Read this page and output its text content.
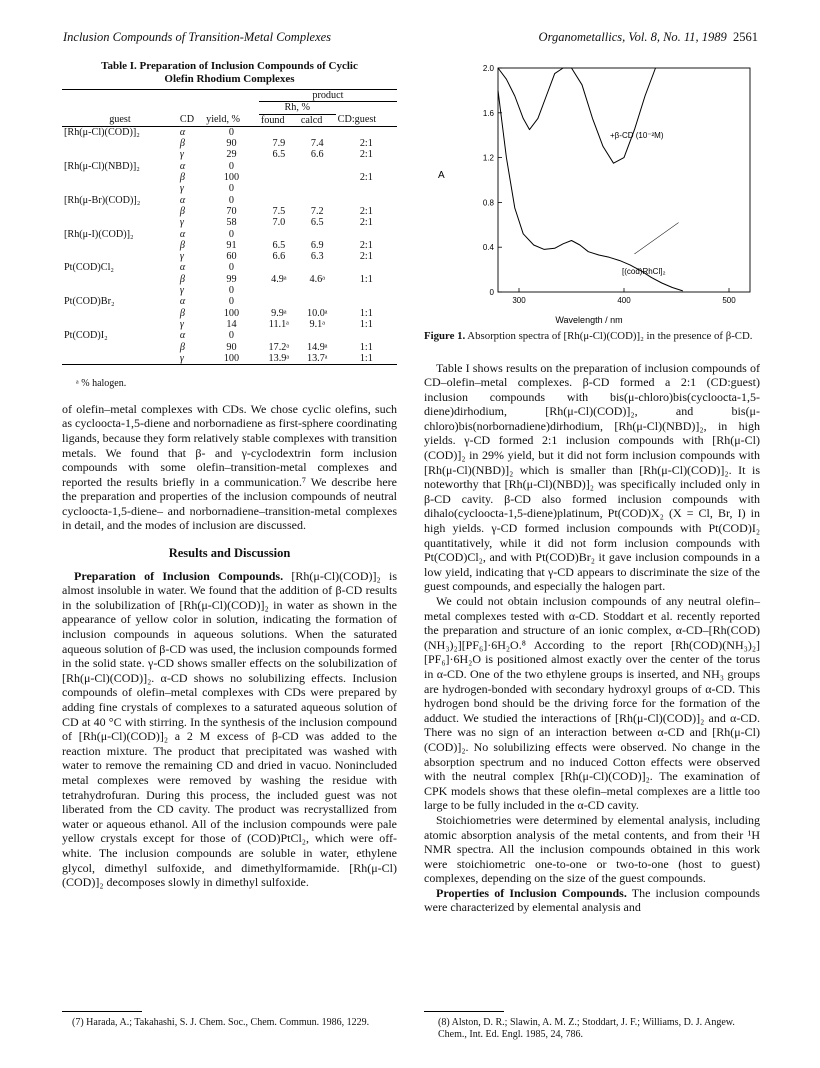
Inclusion Compounds of Transition-Metal Complexes	Organometallics, Vol. 8, No. 11, 1989 2561
Table I. Preparation of Inclusion Compounds of Cyclic
Olefin Rhodium Complexes
			product		
			Rh, %		
guest	CD	yield, %	found	calcd	CD:guest
[Rh(μ-Cl)(COD)]₂	α	0			
	β	90	7.9	7.4	2:1
	γ	29	6.5	6.6	2:1
[Rh(μ-Cl)(NBD)]₂	α	0			
	β	100			2:1
	γ	0			
[Rh(μ-Br)(COD)]₂	α	0			
	β	70	7.5	7.2	2:1
	γ	58	7.0	6.5	2:1
[Rh(μ-I)(COD)]₂	α	0			
	β	91	6.5	6.9	2:1
	γ	60	6.6	6.3	2:1
Pt(COD)Cl₂	α	0			
	β	99	4.9ᵃ	4.6ᵃ	1:1
	γ	0			
Pt(COD)Br₂	α	0			
	β	100	9.9ᵃ	10.0ᵃ	1:1
	γ	14	11.1ᵃ	9.1ᵃ	1:1
Pt(COD)I₂	α	0			
	β	90	17.2ᵃ	14.9ᵃ	1:1
	γ	100	13.9ᵃ	13.7ᵃ	1:1
ᵃ % halogen.

of olefin–metal complexes with CDs. We chose cyclic olefins, such as cycloocta-1,5-diene and norbornadiene as first-sphere coordinating ligands, because they form relatively stable complexes with transition metals. We found that β- and γ-cyclodextrin form inclusion compounds with some olefin–transition-metal complexes and reported the results briefly in a communication.⁷ We describe here the preparation and properties of the inclusion compounds of neutral cycloocta-1,5-diene– and norbornadiene–transition-metal complexes in detail, and the modes of inclusion are discussed.

Results and Discussion

Preparation of Inclusion Compounds. [Rh(μ-Cl)(COD)]₂ is almost insoluble in water. We found that the addition of β-CD results in the solubilization of [Rh(μ-Cl)(COD)]₂ in water as shown in the appearance of yellow color in solution, indicating the formation of inclusion compounds in aqueous solutions. When the saturated aqueous solution of β-CD was used, the inclusion compounds formed in the solid state. γ-CD shows smaller effects on the solubilization of [Rh(μ-Cl)(COD)]₂. α-CD shows no solubilizing effects. Inclusion compounds of olefin–metal complexes with CDs were prepared by adding fine crystals of complexes to a saturated aqueous solution of CD at 40 °C with stirring. In the synthesis of the inclusion compound of [Rh(μ-Cl)(COD)]₂ a 2 M excess of β-CD was added to the reaction mixture. The product that precipitated was washed with water to remove the remaining CD and dried in vacuo. Nonincluded metal complexes were removed by washing the residue with tetrahydrofuran. During this process, the included guest was not liberated from the CD cavity. The product was recrystallized from water or aqueous ethanol. All of the inclusion compounds were pale yellow crystals except for those of (COD)PtCl₂, which were off-white. The inclusion compounds are soluble in water, ethylene glycol, dimethyl sulfoxide, and dimethylformamide. [Rh(μ-Cl)(COD)]₂ decomposes slowly in dimethyl sulfoxide.

0
0.4
0.8
1.2
1.6
2.0
300	400	500
A
Wavelength / nm
+β-CD (10⁻²M)
[(cod)RhCl]₂
Figure 1. Absorption spectra of [Rh(μ-Cl)(COD)]₂ in the presence of β-CD.

Table I shows results on the preparation of inclusion compounds of CD–olefin–metal complexes. β-CD formed a 2:1 (CD:guest) inclusion compounds with bis(μ-chloro)bis(cycloocta-1,5-diene)dirhodium, [Rh(μ-Cl)(COD)]₂, and bis(μ-chloro)bis(norbornadiene)dirhodium, [Rh(μ-Cl)(NBD)]₂, in high yields. γ-CD formed 2:1 inclusion compounds with [Rh(μ-Cl)(COD)]₂ in 29% yield, but it did not form inclusion compounds with [Rh(μ-Cl)(NBD)]₂ which is smaller than [Rh(μ-Cl)(COD)]₂. It is noteworthy that [Rh(μ-Cl)(NBD)]₂ was specifically included only in β-CD cavity. β-CD also formed inclusion compounds with dihalo(cycloocta-1,5-diene)platinum, Pt(COD)X₂ (X = Cl, Br, I) in high yields. γ-CD formed inclusion compounds with Pt(COD)I₂ quantitatively, while it did not form inclusion compounds with Pt(COD)Cl₂, and with Pt(COD)Br₂ it gave inclusion compounds in a low yield, indicating that γ-CD appears to discriminate the size of the guest compounds, and especially the halogen part.

We could not obtain inclusion compounds of any neutral olefin–metal complexes tested with α-CD. Stoddart et al. recently reported the preparation and structure of an ionic complex, α-CD–[Rh(COD)(NH₃)₂][PF₆]·6H₂O.⁸ According to the report [Rh(COD)(NH₃)₂][PF₆]·6H₂O is positioned almost exactly over the center of the torus in α-CD. One of the two ethylene groups is inserted, and NH₃ groups are hydrogen-bonded with secondary hydroxyl groups of α-CD. This hydrogen bond should be the driving force for the formation of the adduct. We studied the interactions of [Rh(μ-Cl)(COD)]₂ and α-CD. There was no sign of an interaction between α-CD and [Rh(μ-Cl)(COD)]₂. No solubilizing effects were observed. No change in the absorption spectrum and no induced Cotton effects were observed with the neutral complex [Rh(μ-Cl)(COD)]₂. The examination of CPK models shows that these olefin–metal complexes are a little too large to be fully included in the α-CD cavity.

Stoichiometries were determined by elemental analysis, including atomic absorption analysis of the metal contents, and from their ¹H NMR spectra. All the inclusion compounds obtained in this work were stoichiometric one-to-one or two-to-one (host to guest) complexes, depending on the size of the guest compounds.

Properties of Inclusion Compounds. The inclusion compounds were characterized by elemental analysis and

(7) Harada, A.; Takahashi, S. J. Chem. Soc., Chem. Commun. 1986, 1229.	(8) Alston, D. R.; Slawin, A. M. Z.; Stoddart, J. F.; Williams, D. J. Angew. Chem., Int. Ed. Engl. 1985, 24, 786.
